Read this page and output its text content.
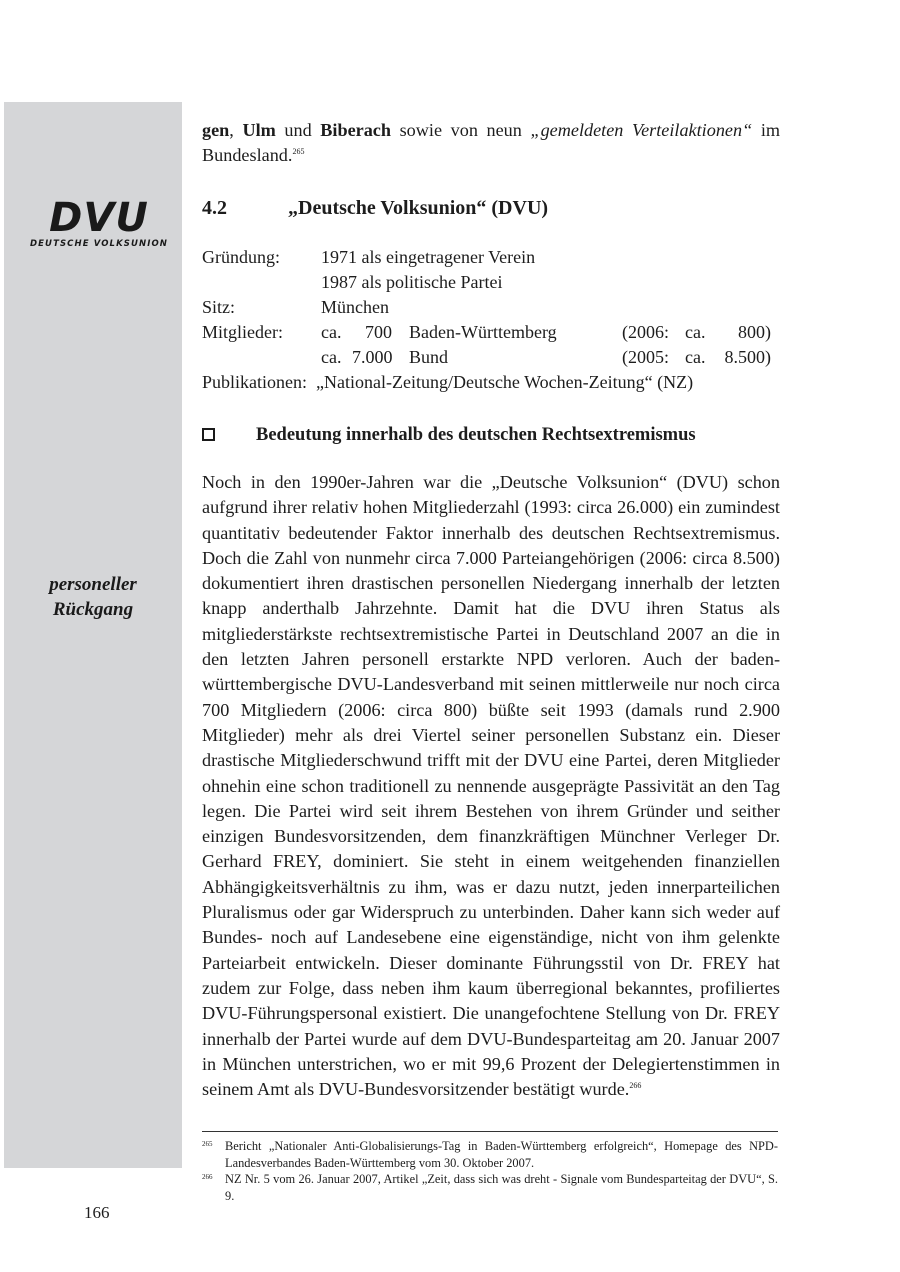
DVU
DEUTSCHE VOLKSUNION
personeller
Rückgang

gen, Ulm und Biberach sowie von neun „gemeldeten Verteilaktionen“ im Bundesland.$^{265}$

4.2	„Deutsche Volksunion“ (DVU)
Gründung: 1971 als eingetragener Verein
1987 als politische Partei
Sitz:	München
Mitglieder: ca.	700 Baden-Württemberg	(2006: ca.	800)
ca. 7.000 Bund	(2005: ca.	8.500)
Publikationen: „National-Zeitung/Deutsche Wochen-Zeitung“ (NZ)
Bedeutung innerhalb des deutschen Rechtsextremismus

Noch in den 1990er-Jahren war die „Deutsche Volksunion“ (DVU) schon aufgrund ihrer relativ hohen Mitgliederzahl (1993: circa 26.000) ein zumindest quantitativ bedeutender Faktor innerhalb des deutschen Rechtsextremismus. Doch die Zahl von nunmehr circa 7.000 Parteiangehörigen (2006: circa 8.500) dokumentiert ihren drastischen personellen Niedergang innerhalb der letzten knapp anderthalb Jahrzehnte. Damit hat die DVU ihren Status als mitgliederstärkste rechtsextremistische Partei in Deutschland 2007 an die in den letzten Jahren personell erstarkte NPD verloren. Auch der baden-württembergische DVU-Landesverband mit seinen mittlerweile nur noch circa 700 Mitgliedern (2006: circa 800) büßte seit 1993 (damals rund 2.900 Mitglieder) mehr als drei Viertel seiner personellen Substanz ein. Dieser drastische Mitgliederschwund trifft mit der DVU eine Partei, deren Mitglieder ohnehin eine schon traditionell zu nennende ausgeprägte Passivität an den Tag legen. Die Partei wird seit ihrem Bestehen von ihrem Gründer und seither einzigen Bundesvorsitzenden, dem finanzkräftigen Münchner Verleger Dr. Gerhard FREY, dominiert. Sie steht in einem weitgehenden finanziellen Abhängigkeitsverhältnis zu ihm, was er dazu nutzt, jeden innerparteilichen Pluralismus oder gar Widerspruch zu unterbinden. Daher kann sich weder auf Bundes- noch auf Landesebene eine eigenständige, nicht von ihm gelenkte Parteiarbeit entwickeln. Dieser dominante Führungsstil von Dr. FREY hat zudem zur Folge, dass neben ihm kaum überregional bekanntes, profiliertes DVU-Führungspersonal existiert. Die unangefochtene Stellung von Dr. FREY innerhalb der Partei wurde auf dem DVU-Bundesparteitag am 20. Januar 2007 in München unterstrichen, wo er mit 99,6 Prozent der Delegiertenstimmen in seinem Amt als DVU-Bundesvorsitzender bestätigt wurde.$^{266}$

265 Bericht „Nationaler Anti-Globalisierungs-Tag in Baden-Württemberg erfolgreich“, Homepage des NPD-Landesverbandes Baden-Württemberg vom 30. Oktober 2007.
266 NZ Nr. 5 vom 26. Januar 2007, Artikel „Zeit, dass sich was dreht - Signale vom Bundesparteitag der DVU“, S. 9.
166
